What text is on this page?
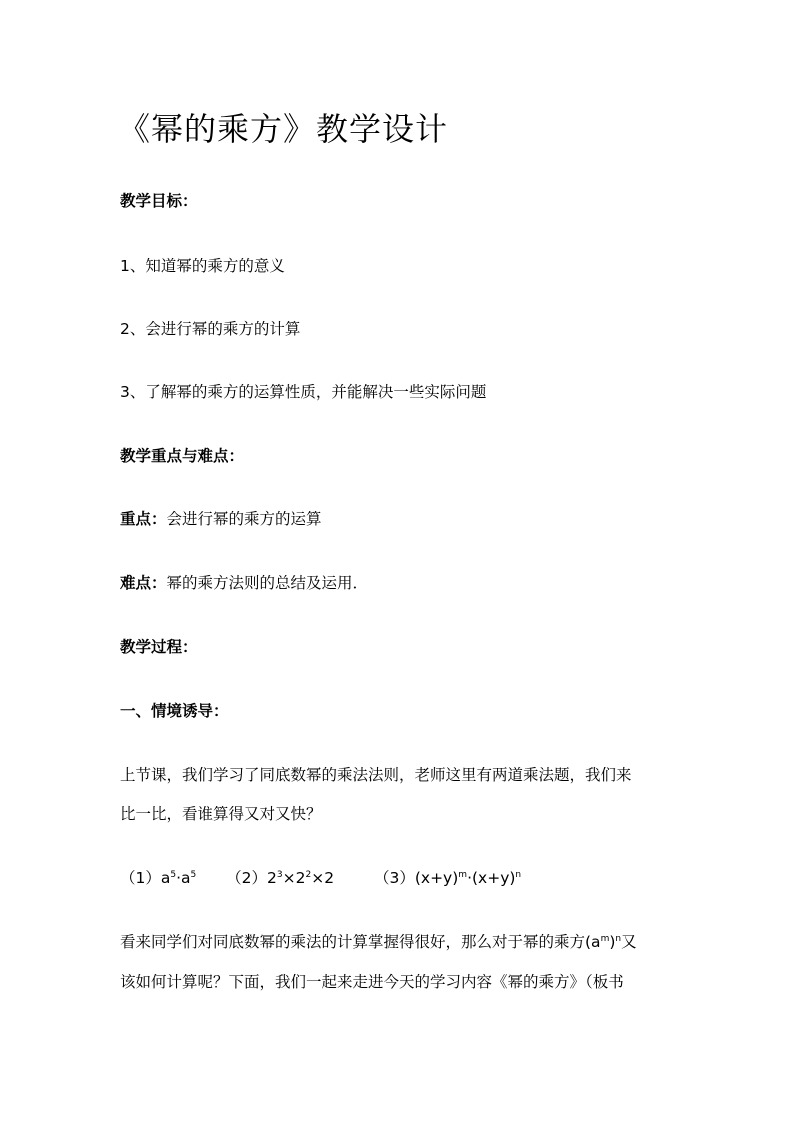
《幂的乘方》教学设计
教学目标：
1、知道幂的乘方的意义
2、会进行幂的乘方的计算
3、了解幂的乘方的运算性质，并能解决一些实际问题
教学重点与难点：
重点：会进行幂的乘方的运算
难点：幂的乘方法则的总结及运用．
教学过程：
一、情境诱导：
上节课，我们学习了同底数幂的乘法法则，老师这里有两道乘法题，我们来
比一比，看谁算得又对又快？
$(1)a^5\cdot a^5$ $(2)2^3\times 2^2\times 2$	$(3)(x+y)^m\cdot(x+y)^n$
看来同学们对同底数幂的乘法的计算掌握得很好，那么对于幂的乘方$(a^m)^n$又
该如何计算呢？下面，我们一起来走进今天的学习内容《幂的乘方》（板书
